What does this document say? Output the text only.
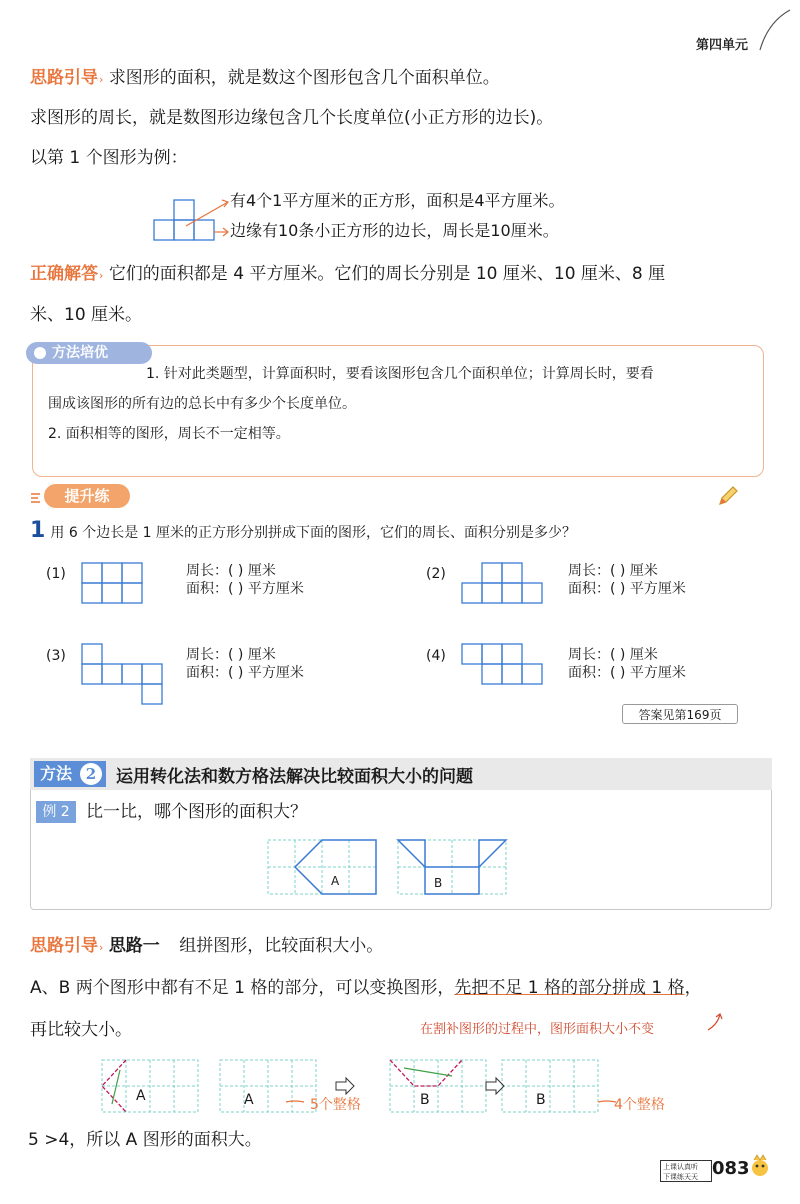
第四单元
思路引导› 求图形的面积，就是数这个图形包含几个面积单位。
求图形的周长，就是数图形边缘包含几个长度单位(小正方形的边长)。
以第 1 个图形为例：
有4个1平方厘米的正方形，面积是4平方厘米。
边缘有10条小正方形的边长，周长是10厘米。
正确解答› 它们的面积都是 4 平方厘米。它们的周长分别是 10 厘米、10 厘米、8 厘
米、10 厘米。
方法培优
1. 针对此类题型，计算面积时，要看该图形包含几个面积单位；计算周长时，要看
围成该图形的所有边的总长中有多少个长度单位。
2. 面积相等的图形，周长不一定相等。
提升练
1 用 6 个边长是 1 厘米的正方形分别拼成下面的图形，它们的周长、面积分别是多少？
(1)	周长：( ) 厘米
面积：( ) 平方厘米
(2)	周长：( ) 厘米
面积：( ) 平方厘米
(3)	周长：( ) 厘米
面积：( ) 平方厘米
(4)	周长：( ) 厘米
面积：( ) 平方厘米
答案见第169页
方法 2	运用转化法和数方格法解决比较面积大小的问题
例 2 比一比，哪个图形的面积大？
A	B
思路引导› 思路一 组拼图形，比较面积大小。
A、B 两个图形中都有不足 1 格的部分，可以变换图形，先把不足 1 格的部分拼成 1 格，
再比较大小。	在割补图形的过程中，图形面积大小不变
A	A	B	B
5个整格	4个整格
5 >4，所以 A 图形的面积大。
上课认真听
下课练天天 083
